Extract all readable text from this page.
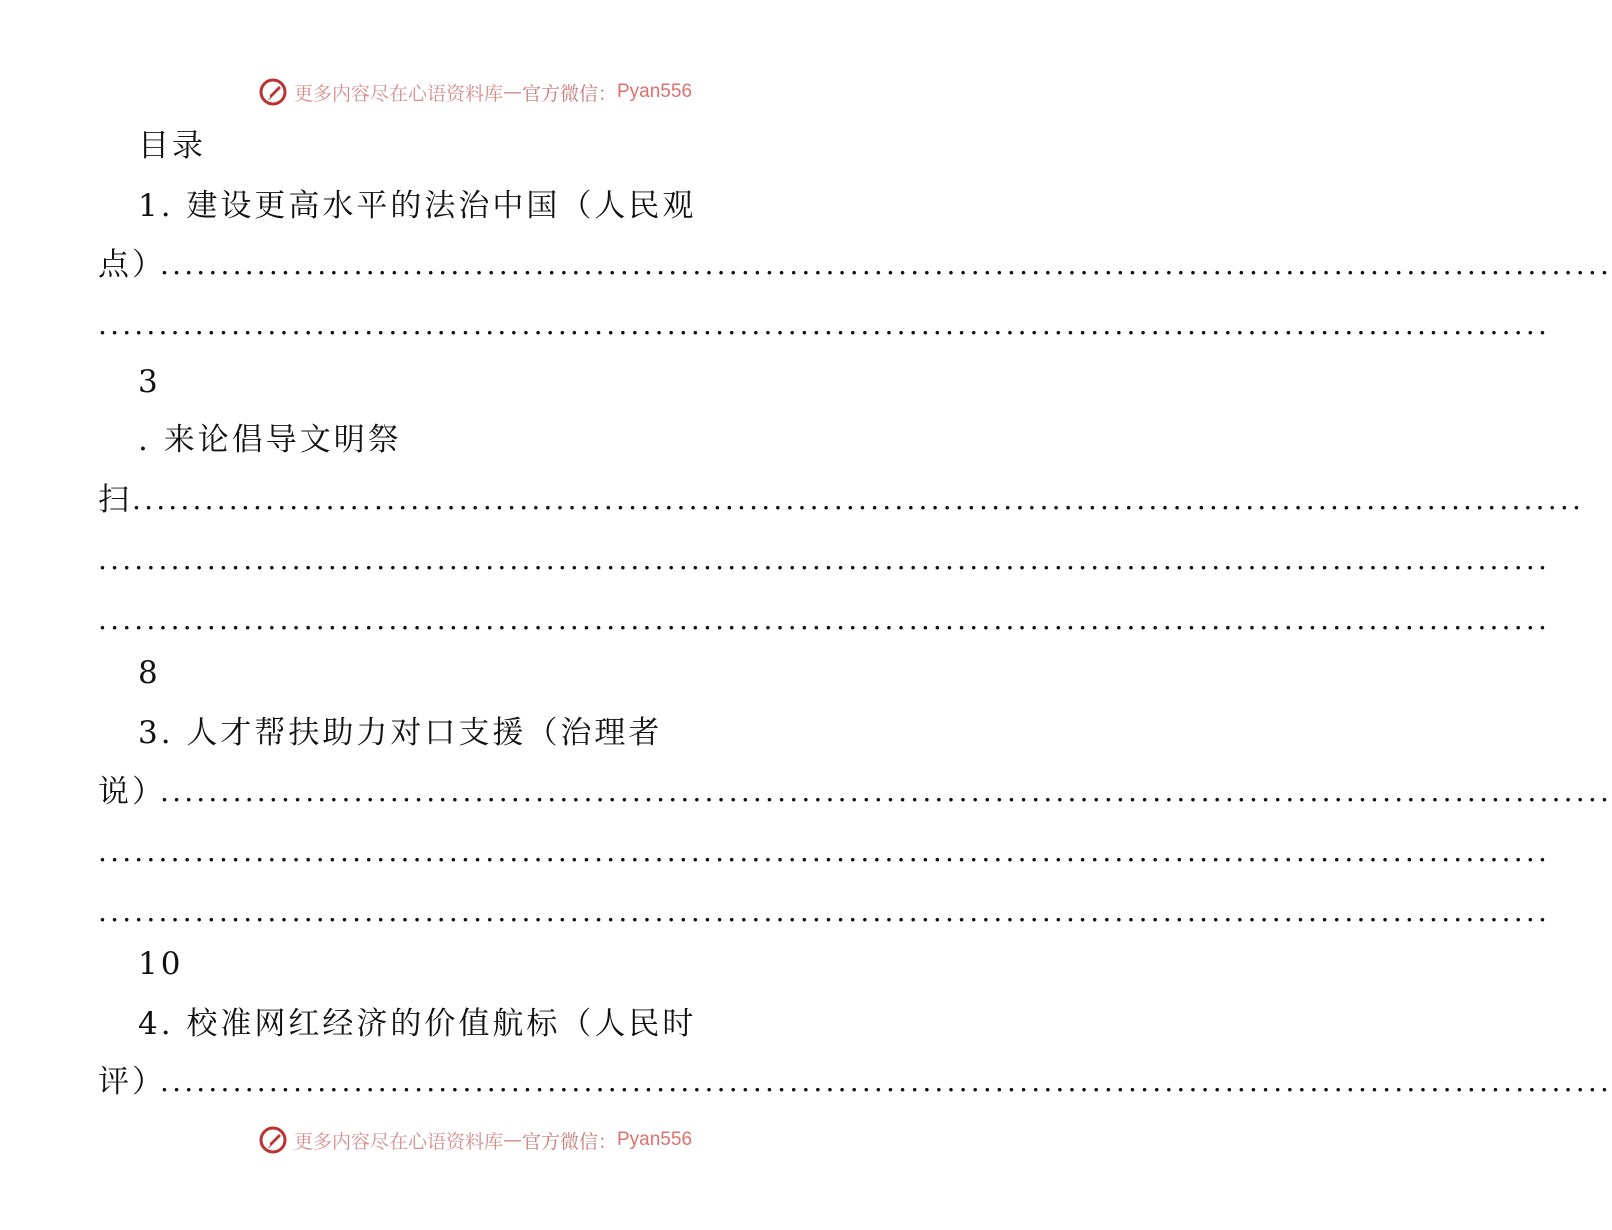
更多内容尽在心语资料库 — 官方微信： Pyan556
目录
1. 建设更高水平的法治中国（人民观
点）
........................................................................................................................
........................................................................................................................
3
. 来论倡导文明祭
扫 ........................................................................................................................
........................................................................................................................
........................................................................................................................
8
3. 人才帮扶助力对口支援（治理者
说）
........................................................................................................................
........................................................................................................................
........................................................................................................................
10
4. 校准网红经济的价值航标（人民时
评）
........................................................................................................................
更多内容尽在心语资料库 — 官方微信： Pyan556
